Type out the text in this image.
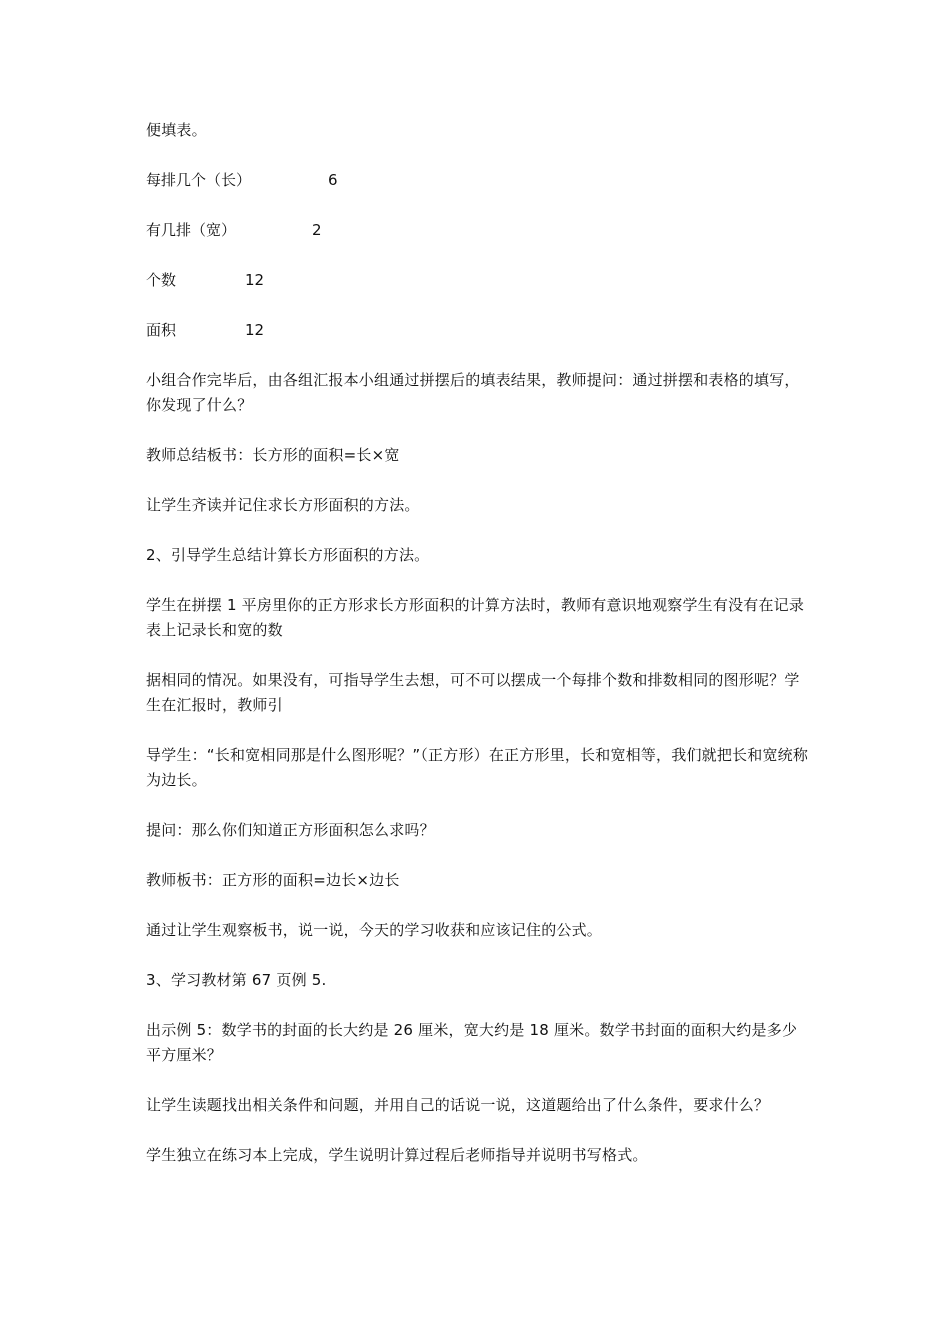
便填表。

每排几个（长）	6
有几排（宽）	2
个数	12
面积	12

小组合作完毕后，由各组汇报本小组通过拼摆后的填表结果，教师提问：通过拼摆和表格的填写，你发现了什么？

教师总结板书：长方形的面积=长×宽

让学生齐读并记住求长方形面积的方法。

2、引导学生总结计算长方形面积的方法。

学生在拼摆 1 平房里你的正方形求长方形面积的计算方法时，教师有意识地观察学生有没有在记录表上记录长和宽的数

据相同的情况。如果没有，可指导学生去想，可不可以摆成一个每排个数和排数相同的图形呢？学生在汇报时，教师引

导学生：“长和宽相同那是什么图形呢？”（正方形）在正方形里，长和宽相等，我们就把长和宽统称为边长。

提问：那么你们知道正方形面积怎么求吗？

教师板书：正方形的面积=边长×边长

通过让学生观察板书，说一说，今天的学习收获和应该记住的公式。

3、学习教材第 67 页例 5.

出示例 5：数学书的封面的长大约是 26 厘米，宽大约是 18 厘米。数学书封面的面积大约是多少平方厘米？

让学生读题找出相关条件和问题，并用自己的话说一说，这道题给出了什么条件，要求什么？

学生独立在练习本上完成，学生说明计算过程后老师指导并说明书写格式。
